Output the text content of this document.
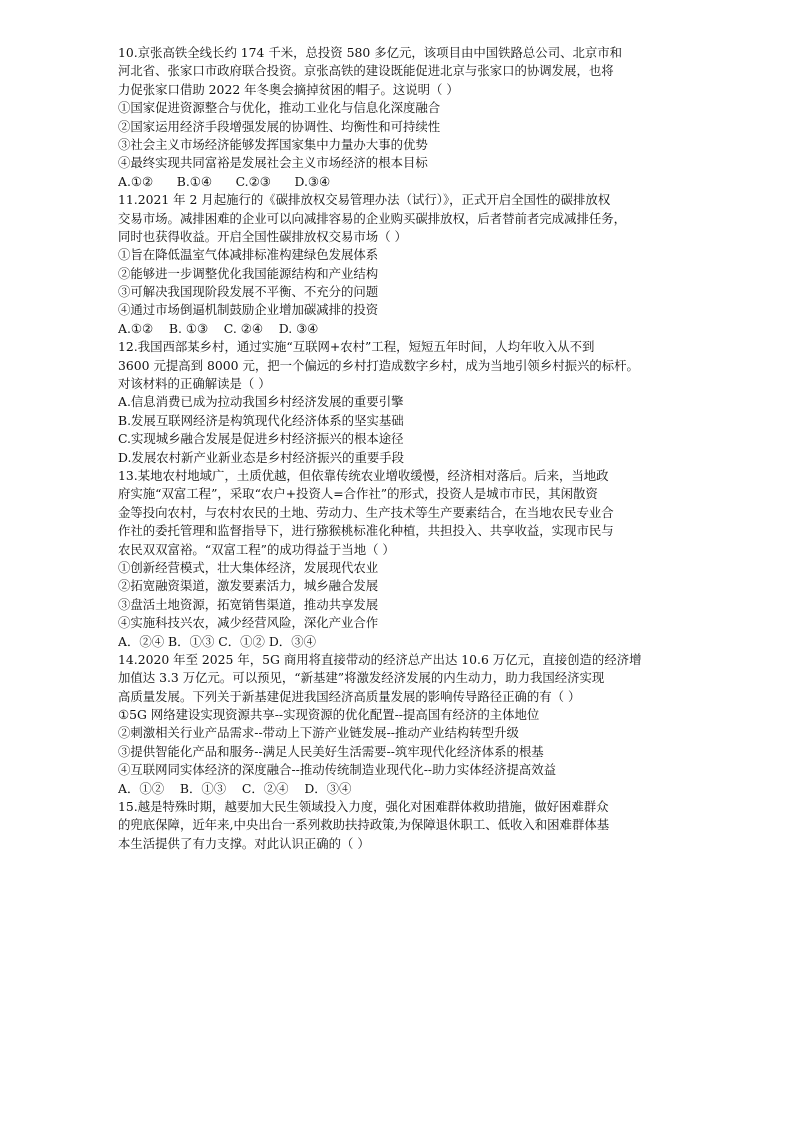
10.京张高铁全线长约 174 千米，总投资 580 多亿元，该项目由中国铁路总公司、北京市和
河北省、张家口市政府联合投资。京张高铁的建设既能促进北京与张家口的协调发展，也将
力促张家口借助 2022 年冬奥会摘掉贫困的帽子。这说明（ ）
①国家促进资源整合与优化，推动工业化与信息化深度融合
②国家运用经济手段增强发展的协调性、均衡性和可持续性
③社会主义市场经济能够发挥国家集中力量办大事的优势
④最终实现共同富裕是发展社会主义市场经济的根本目标
A.①②      B.①④      C.②③      D.③④
11.2021 年 2 月起施行的《碳排放权交易管理办法（试行）》，正式开启全国性的碳排放权
交易市场。减排困难的企业可以向减排容易的企业购买碳排放权，后者替前者完成减排任务，
同时也获得收益。开启全国性碳排放权交易市场（ ）
①旨在降低温室气体减排标准构建绿色发展体系
②能够进一步调整优化我国能源结构和产业结构
③可解决我国现阶段发展不平衡、不充分的问题
④通过市场倒逼机制鼓励企业增加碳减排的投资
A.①②    B. ①③    C. ②④    D. ③④
12.我国西部某乡村，通过实施“互联网+农村”工程，短短五年时间，人均年收入从不到
3600 元提高到 8000 元，把一个偏远的乡村打造成数字乡村，成为当地引领乡村振兴的标杆。
对该材料的正确解读是（ ）
A.信息消费已成为拉动我国乡村经济发展的重要引擎
B.发展互联网经济是构筑现代化经济体系的坚实基础
C.实现城乡融合发展是促进乡村经济振兴的根本途径
D.发展农村新产业新业态是乡村经济振兴的重要手段
13.某地农村地域广，土质优越，但依靠传统农业增收缓慢，经济相对落后。后来，当地政
府实施“双富工程”，采取“农户+投资人=合作社”的形式，投资人是城市市民，其闲散资
金等投向农村，与农村农民的土地、劳动力、生产技术等生产要素结合，在当地农民专业合
作社的委托管理和监督指导下，进行猕猴桃标准化种植，共担投入、共享收益，实现市民与
农民双双富裕。“双富工程”的成功得益于当地（ ）
①创新经营模式，壮大集体经济，发展现代农业
②拓宽融资渠道，激发要素活力，城乡融合发展
③盘活土地资源，拓宽销售渠道，推动共享发展
④实施科技兴农，减少经营风险，深化产业合作
A．②④ B．①③ C．①② D．③④
14.2020 年至 2025 年，5G 商用将直接带动的经济总产出达 10.6 万亿元，直接创造的经济增
加值达 3.3 万亿元。可以预见，“新基建”将激发经济发展的内生动力，助力我国经济实现
高质量发展。下列关于新基建促进我国经济高质量发展的影响传导路径正确的有（ ）
①5G 网络建设实现资源共享--实现资源的优化配置--提高国有经济的主体地位
②刺激相关行业产品需求--带动上下游产业链发展--推动产业结构转型升级
③提供智能化产品和服务--满足人民美好生活需要--筑牢现代化经济体系的根基
④互联网同实体经济的深度融合--推动传统制造业现代化--助力实体经济提高效益
A．①②    B．①③    C．②④    D．③④
15.越是特殊时期，越要加大民生领域投入力度，强化对困难群体救助措施，做好困难群众
的兜底保障，近年来,中央出台一系列救助扶持政策,为保障退休职工、低收入和困难群体基
本生活提供了有力支撑。对此认识正确的（ ）
